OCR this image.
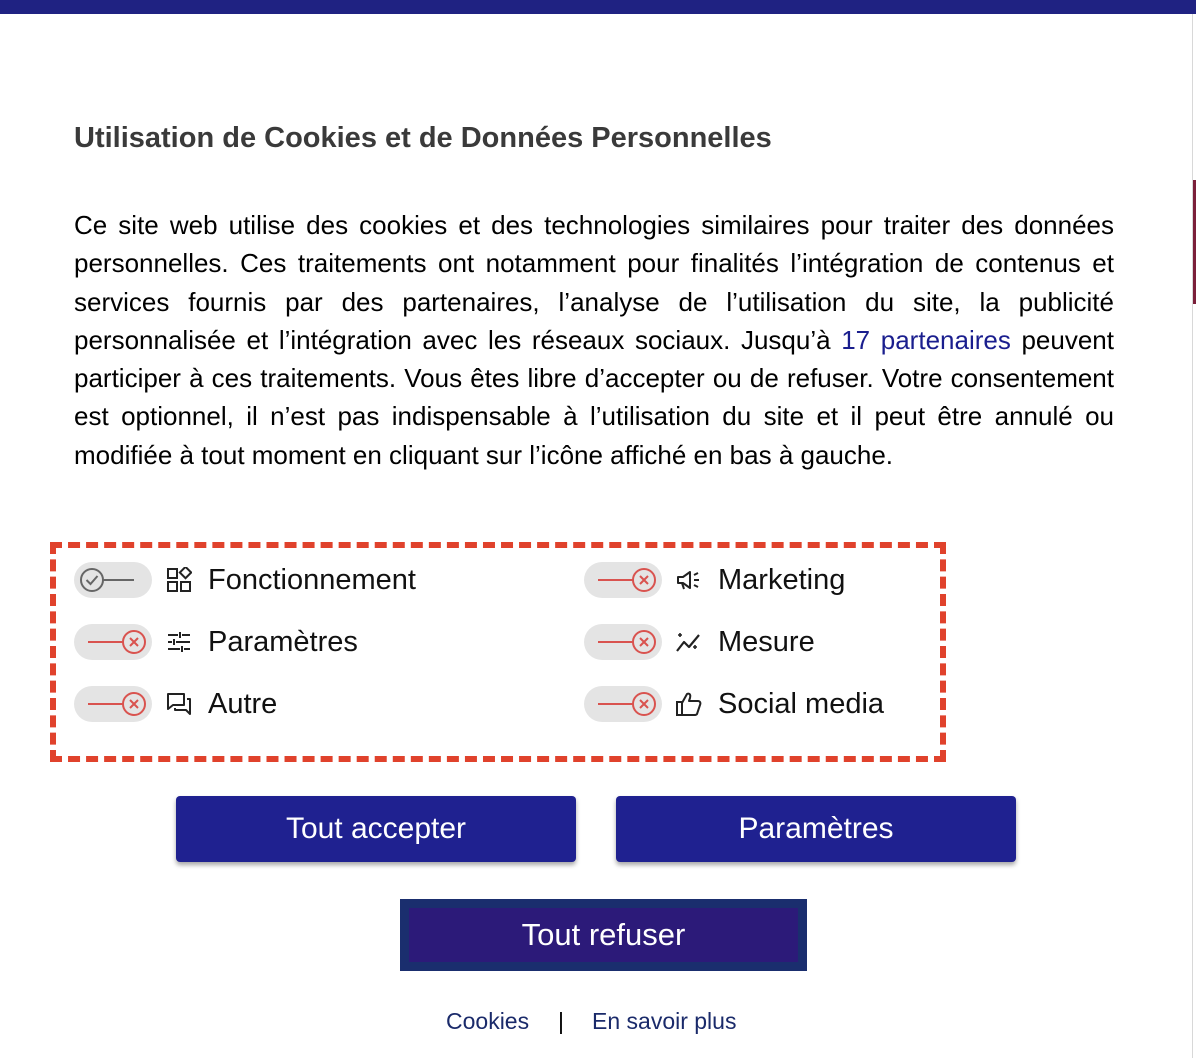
Utilisation de Cookies et de Données Personnelles

Ce site web utilise des cookies et des technologies similaires pour traiter des données personnelles. Ces traitements ont notamment pour finalités l’intégration de contenus et services fournis par des partenaires, l’analyse de l’utilisation du site, la publicité personnalisée et l’intégration avec les réseaux sociaux. Jusqu’à 17 partenaires peuvent participer à ces traitements. Vous êtes libre d’accepter ou de refuser. Votre consentement est optionnel, il n’est pas indispensable à l’utilisation du site et il peut être annulé ou modifiée à tout moment en cliquant sur l’icône affiché en bas à gauche.

Fonctionnement	Marketing
Paramètres	Mesure
Autre	Social media
Tout accepter	Paramètres
Tout refuser
Cookies | En savoir plus
